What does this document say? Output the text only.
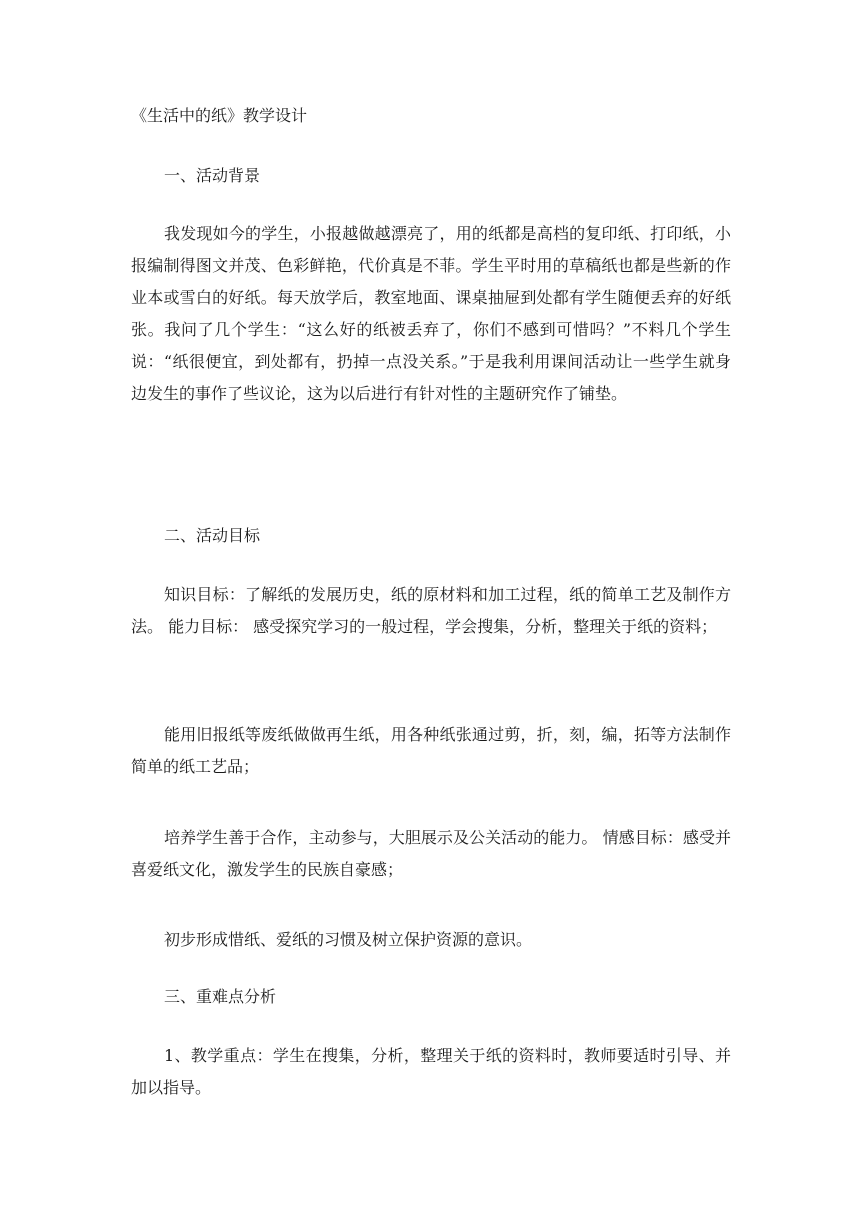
《生活中的纸》教学设计
一、活动背景

我发现如今的学生，小报越做越漂亮了，用的纸都是高档的复印纸、打印纸，小报编制得图文并茂、色彩鲜艳，代价真是不菲。学生平时用的草稿纸也都是些新的作业本或雪白的好纸。每天放学后，教室地面、课桌抽屉到处都有学生随便丢弃的好纸张。我问了几个学生：“这么好的纸被丢弃了，你们不感到可惜吗？”不料几个学生说：“纸很便宜，到处都有，扔掉一点没关系。”于是我利用课间活动让一些学生就身边发生的事作了些议论，这为以后进行有针对性的主题研究作了铺垫。

二、活动目标

知识目标：了解纸的发展历史，纸的原材料和加工过程，纸的简单工艺及制作方法。 能力目标： 感受探究学习的一般过程，学会搜集，分析，整理关于纸的资料；

能用旧报纸等废纸做做再生纸，用各种纸张通过剪，折，刻，编，拓等方法制作简单的纸工艺品；

培养学生善于合作，主动参与，大胆展示及公关活动的能力。 情感目标：感受并喜爱纸文化，激发学生的民族自豪感；

初步形成惜纸、爱纸的习惯及树立保护资源的意识。

三、重难点分析

1、教学重点：学生在搜集，分析，整理关于纸的资料时，教师要适时引导、并加以指导。
